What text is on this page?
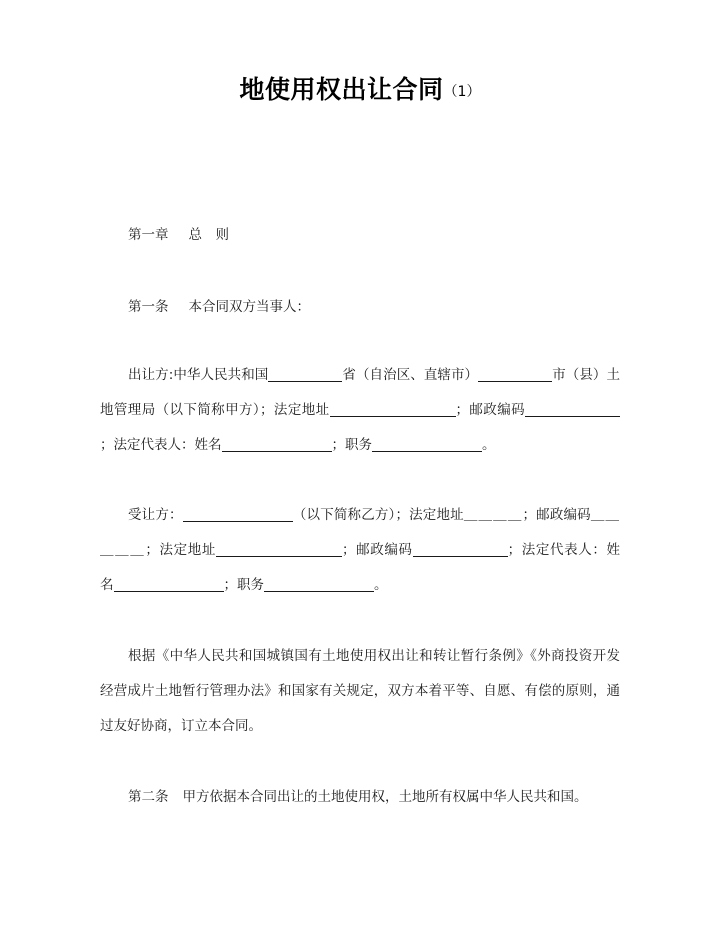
地使用权出让合同（1）

第一章 总　则

第一条 本合同双方当事人：

出让方:中华人民共和国	省（自治区、直辖市）	市（县）土地管理局（以下简称甲方）；法定地址	；邮政编码；法定代表人：姓名	；职务	。

受让方：	（以下简称乙方）；法定地址＿＿＿＿；邮政编码＿＿＿＿＿；法定地址	；邮政编码	；法定代表人：姓名	；职务	。

根据《中华人民共和国城镇国有土地使用权出让和转让暂行条例》《外商投资开发经营成片土地暂行管理办法》和国家有关规定，双方本着平等、自愿、有偿的原则，通过友好协商，订立本合同。

第二条 甲方依据本合同出让的土地使用权，土地所有权属中华人民共和国。
